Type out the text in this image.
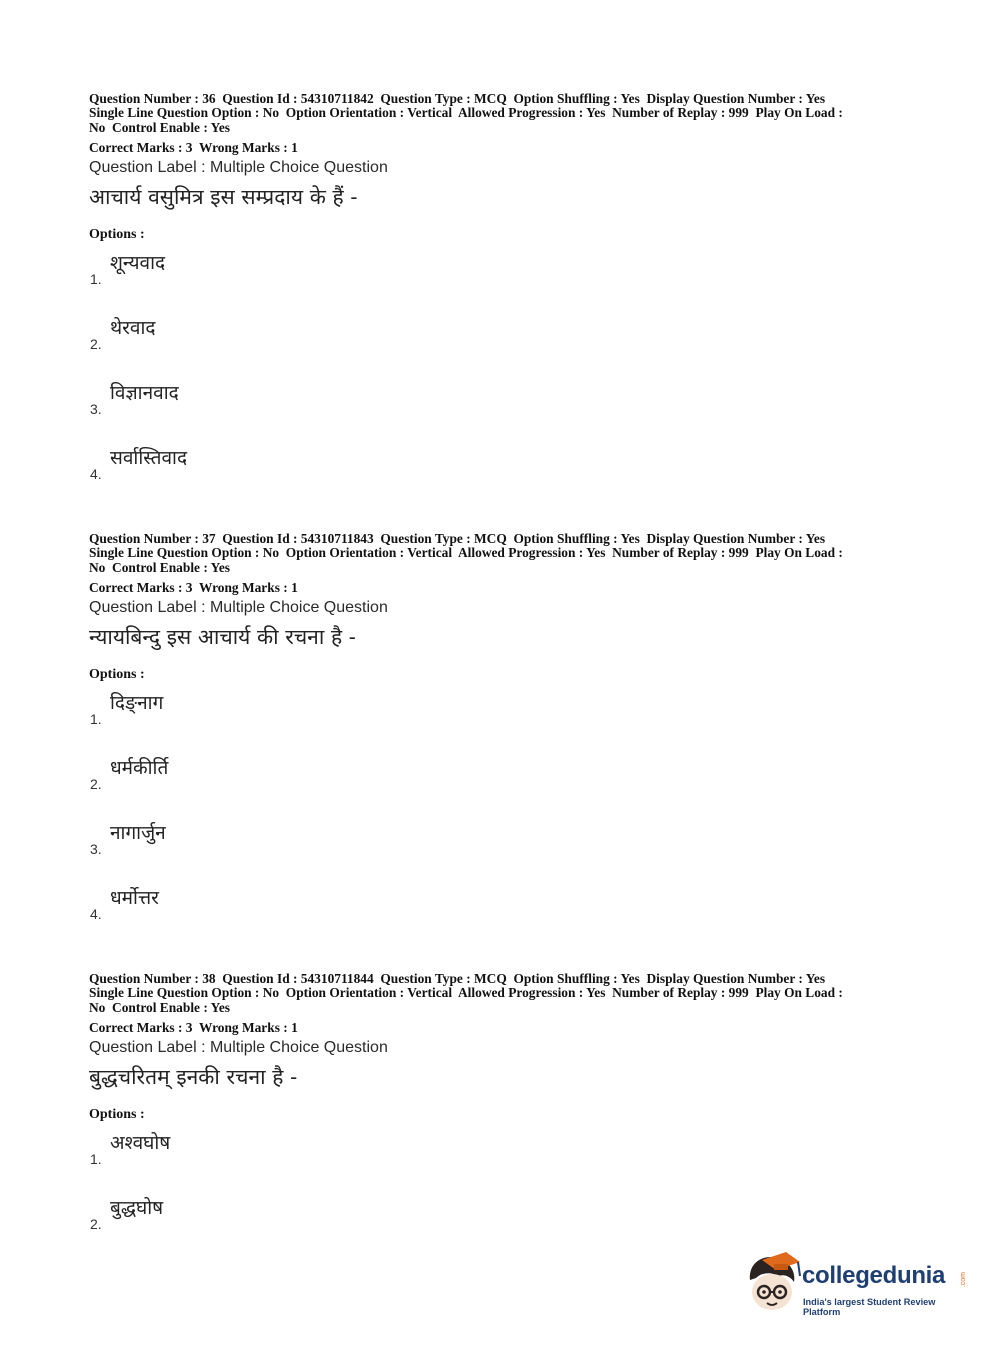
Question Number : 36  Question Id : 54310711842  Question Type : MCQ  Option Shuffling : Yes  Display Question Number : Yes
Single Line Question Option : No  Option Orientation : Vertical  Allowed Progression : Yes  Number of Replay : 999  Play On Load :
No  Control Enable : Yes
Correct Marks : 3  Wrong Marks : 1
Question Label : Multiple Choice Question
आचार्य वसुमित्र इस सम्प्रदाय के हैं -
Options :
1.
शून्यवाद
2.
थेरवाद
3.
विज्ञानवाद
4.
सर्वास्तिवाद
Question Number : 37  Question Id : 54310711843  Question Type : MCQ  Option Shuffling : Yes  Display Question Number : Yes
Single Line Question Option : No  Option Orientation : Vertical  Allowed Progression : Yes  Number of Replay : 999  Play On Load :
No  Control Enable : Yes
Correct Marks : 3  Wrong Marks : 1
Question Label : Multiple Choice Question
न्यायबिन्दु इस आचार्य की रचना है -
Options :
1.
दिङ्नाग
2.
धर्मकीर्ति
3.
नागार्जुन
4.
धर्मोत्तर
Question Number : 38  Question Id : 54310711844  Question Type : MCQ  Option Shuffling : Yes  Display Question Number : Yes
Single Line Question Option : No  Option Orientation : Vertical  Allowed Progression : Yes  Number of Replay : 999  Play On Load :
No  Control Enable : Yes
Correct Marks : 3  Wrong Marks : 1
Question Label : Multiple Choice Question
बुद्धचरितम् इनकी रचना है -
Options :
1.
अश्वघोष
2.
बुद्धघोष
collegedunia .com
India's largest Student Review Platform
